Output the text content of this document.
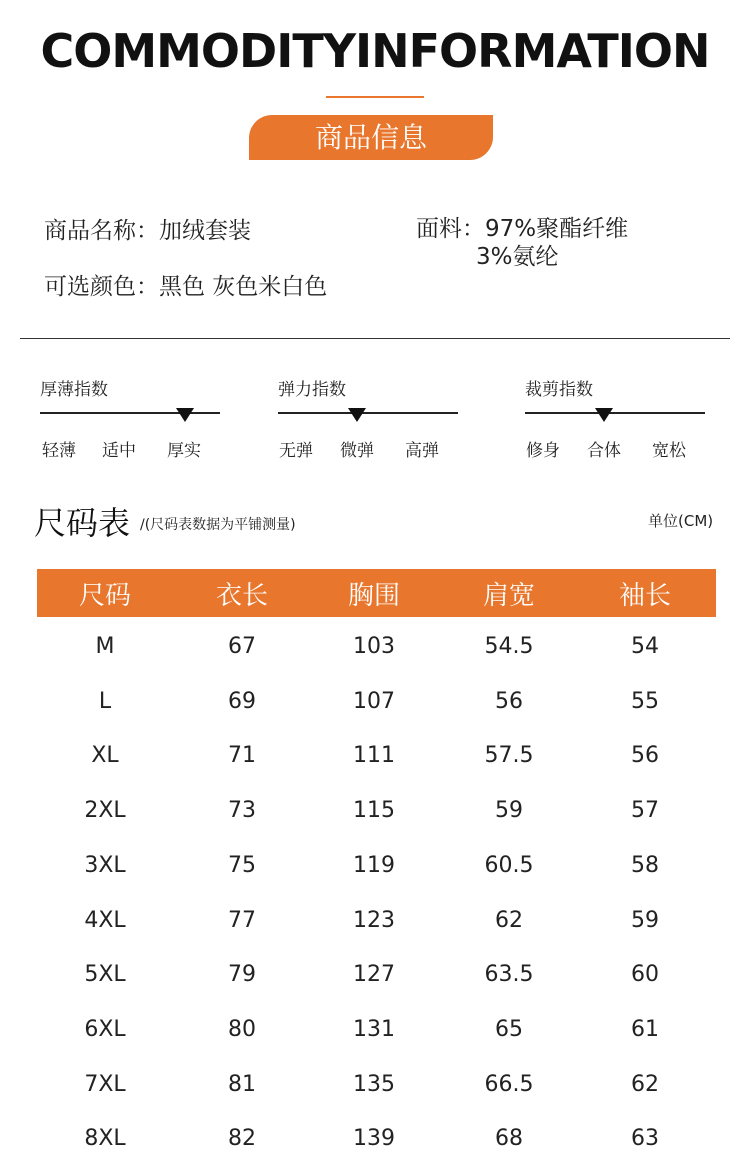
COMMODITYINFORMATION
商品信息
商品名称：加绒套装
可选颜色：黑色 灰色米白色
面料：97%聚酯纤维
3%氨纶
厚薄指数
轻薄 适中 厚实
弹力指数
无弹 微弹 高弹
裁剪指数
修身 合体 宽松
尺码表 /(尺码表数据为平铺测量)	单位(CM)
尺码	衣长	胸围	肩宽	袖长
M	67	103	54.5	54
L	69	107	56	55
XL	71	111	57.5	56
2XL	73	115	59	57
3XL	75	119	60.5	58
4XL	77	123	62	59
5XL	79	127	63.5	60
6XL	80	131	65	61
7XL	81	135	66.5	62
8XL	82	139	68	63
